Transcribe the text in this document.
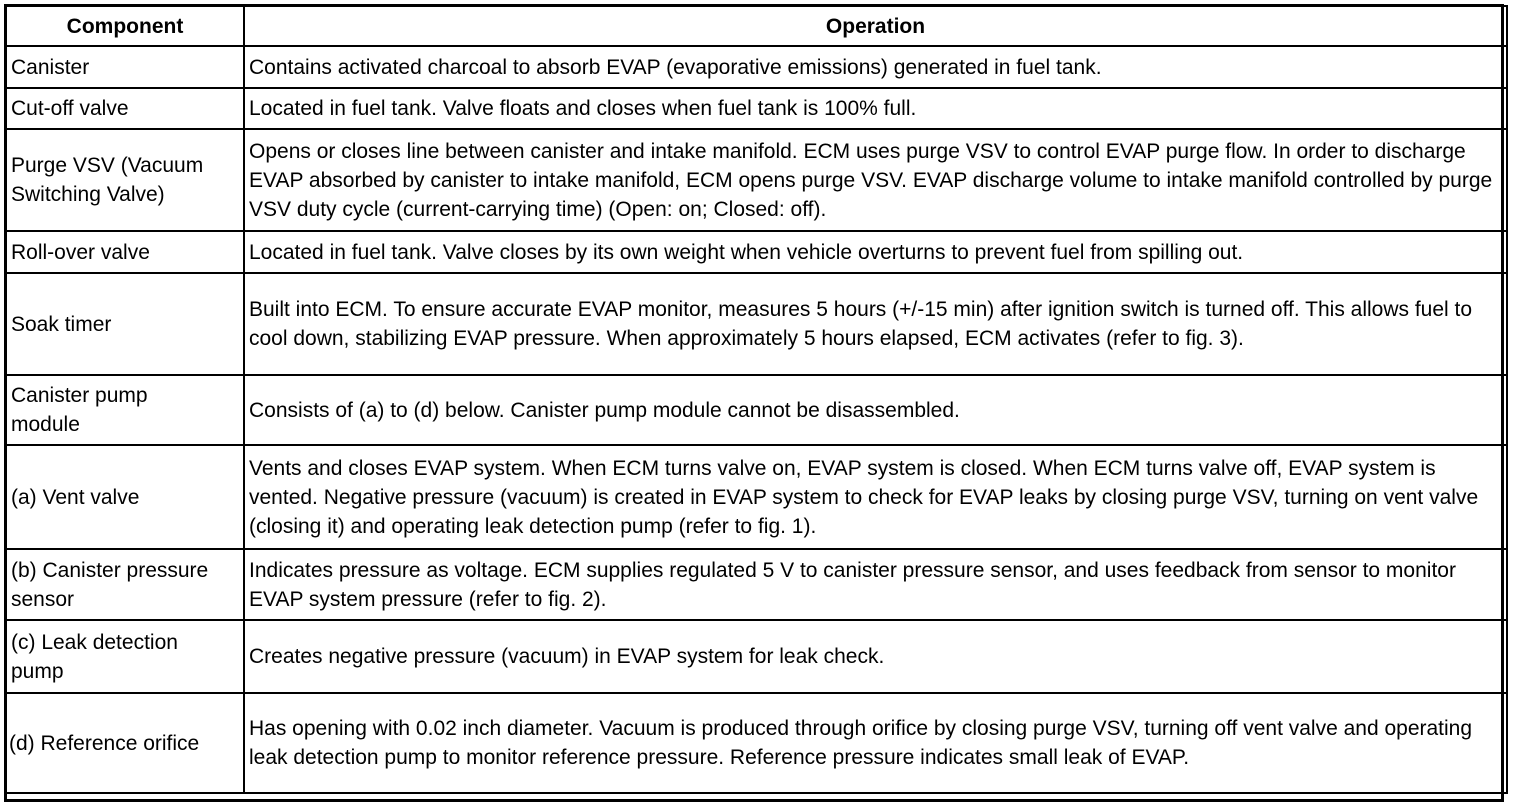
Component	Operation
Canister	Contains activated charcoal to absorb EVAP (evaporative emissions) generated in fuel tank.
Cut-off valve	Located in fuel tank. Valve floats and closes when fuel tank is 100% full.
Purge VSV (Vacuum Switching Valve)	Opens or closes line between canister and intake manifold. ECM uses purge VSV to control EVAP purge flow. In order to discharge EVAP absorbed by canister to intake manifold, ECM opens purge VSV. EVAP discharge volume to intake manifold controlled by purge VSV duty cycle (current-carrying time) (Open: on; Closed: off).
Roll-over valve	Located in fuel tank. Valve closes by its own weight when vehicle overturns to prevent fuel from spilling out.
Soak timer	Built into ECM. To ensure accurate EVAP monitor, measures 5 hours (+/-15 min) after ignition switch is turned off. This allows fuel to cool down, stabilizing EVAP pressure. When approximately 5 hours elapsed, ECM activates (refer to fig. 3).
Canister pump module	Consists of (a) to (d) below. Canister pump module cannot be disassembled.
(a) Vent valve	Vents and closes EVAP system. When ECM turns valve on, EVAP system is closed. When ECM turns valve off, EVAP system is vented. Negative pressure (vacuum) is created in EVAP system to check for EVAP leaks by closing purge VSV, turning on vent valve (closing it) and operating leak detection pump (refer to fig. 1).
(b) Canister pressure sensor	Indicates pressure as voltage. ECM supplies regulated 5 V to canister pressure sensor, and uses feedback from sensor to monitor EVAP system pressure (refer to fig. 2).
(c) Leak detection pump	Creates negative pressure (vacuum) in EVAP system for leak check.
(d) Reference orifice	Has opening with 0.02 inch diameter. Vacuum is produced through orifice by closing purge VSV, turning off vent valve and operating leak detection pump to monitor reference pressure. Reference pressure indicates small leak of EVAP.
